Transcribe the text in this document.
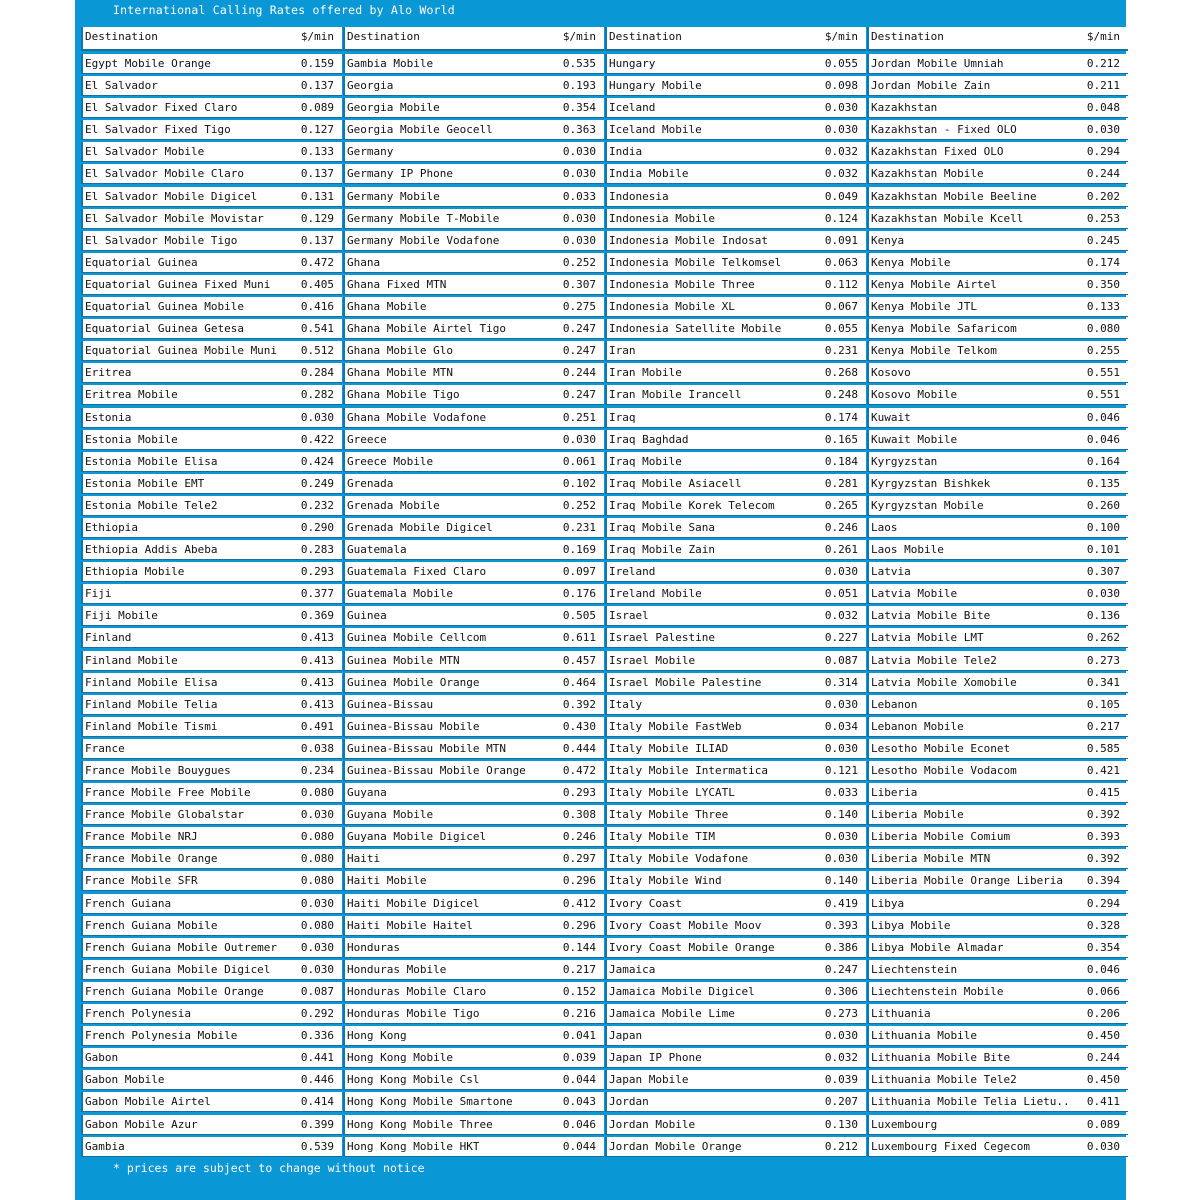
International Calling Rates offered by Alo World
Destination	$/min
Egypt Mobile Orange	0.159
El Salvador	0.137
El Salvador Fixed Claro	0.089
El Salvador Fixed Tigo	0.127
El Salvador Mobile	0.133
El Salvador Mobile Claro	0.137
El Salvador Mobile Digicel	0.131
El Salvador Mobile Movistar	0.129
El Salvador Mobile Tigo	0.137
Equatorial Guinea	0.472
Equatorial Guinea Fixed Muni	0.405
Equatorial Guinea Mobile	0.416
Equatorial Guinea Getesa	0.541
Equatorial Guinea Mobile Muni	0.512
Eritrea	0.284
Eritrea Mobile	0.282
Estonia	0.030
Estonia Mobile	0.422
Estonia Mobile Elisa	0.424
Estonia Mobile EMT	0.249
Estonia Mobile Tele2	0.232
Ethiopia	0.290
Ethiopia Addis Abeba	0.283
Ethiopia Mobile	0.293
Fiji	0.377
Fiji Mobile	0.369
Finland	0.413
Finland Mobile	0.413
Finland Mobile Elisa	0.413
Finland Mobile Telia	0.413
Finland Mobile Tismi	0.491
France	0.038
France Mobile Bouygues	0.234
France Mobile Free Mobile	0.080
France Mobile Globalstar	0.030
France Mobile NRJ	0.080
France Mobile Orange	0.080
France Mobile SFR	0.080
French Guiana	0.030
French Guiana Mobile	0.080
French Guiana Mobile Outremer	0.030
French Guiana Mobile Digicel	0.030
French Guiana Mobile Orange	0.087
French Polynesia	0.292
French Polynesia Mobile	0.336
Gabon	0.441
Gabon Mobile	0.446
Gabon Mobile Airtel	0.414
Gabon Mobile Azur	0.399
Gambia	0.539
Destination	$/min
Gambia Mobile	0.535
Georgia	0.193
Georgia Mobile	0.354
Georgia Mobile Geocell	0.363
Germany	0.030
Germany IP Phone	0.030
Germany Mobile	0.033
Germany Mobile T-Mobile	0.030
Germany Mobile Vodafone	0.030
Ghana	0.252
Ghana Fixed MTN	0.307
Ghana Mobile	0.275
Ghana Mobile Airtel Tigo	0.247
Ghana Mobile Glo	0.247
Ghana Mobile MTN	0.244
Ghana Mobile Tigo	0.247
Ghana Mobile Vodafone	0.251
Greece	0.030
Greece Mobile	0.061
Grenada	0.102
Grenada Mobile	0.252
Grenada Mobile Digicel	0.231
Guatemala	0.169
Guatemala Fixed Claro	0.097
Guatemala Mobile	0.176
Guinea	0.505
Guinea Mobile Cellcom	0.611
Guinea Mobile MTN	0.457
Guinea Mobile Orange	0.464
Guinea-Bissau	0.392
Guinea-Bissau Mobile	0.430
Guinea-Bissau Mobile MTN	0.444
Guinea-Bissau Mobile Orange	0.472
Guyana	0.293
Guyana Mobile	0.308
Guyana Mobile Digicel	0.246
Haiti	0.297
Haiti Mobile	0.296
Haiti Mobile Digicel	0.412
Haiti Mobile Haitel	0.296
Honduras	0.144
Honduras Mobile	0.217
Honduras Mobile Claro	0.152
Honduras Mobile Tigo	0.216
Hong Kong	0.041
Hong Kong Mobile	0.039
Hong Kong Mobile Csl	0.044
Hong Kong Mobile Smartone	0.043
Hong Kong Mobile Three	0.046
Hong Kong Mobile HKT	0.044
Destination	$/min
Hungary	0.055
Hungary Mobile	0.098
Iceland	0.030
Iceland Mobile	0.030
India	0.032
India Mobile	0.032
Indonesia	0.049
Indonesia Mobile	0.124
Indonesia Mobile Indosat	0.091
Indonesia Mobile Telkomsel	0.063
Indonesia Mobile Three	0.112
Indonesia Mobile XL	0.067
Indonesia Satellite Mobile	0.055
Iran	0.231
Iran Mobile	0.268
Iran Mobile Irancell	0.248
Iraq	0.174
Iraq Baghdad	0.165
Iraq Mobile	0.184
Iraq Mobile Asiacell	0.281
Iraq Mobile Korek Telecom	0.265
Iraq Mobile Sana	0.246
Iraq Mobile Zain	0.261
Ireland	0.030
Ireland Mobile	0.051
Israel	0.032
Israel Palestine	0.227
Israel Mobile	0.087
Israel Mobile Palestine	0.314
Italy	0.030
Italy Mobile FastWeb	0.034
Italy Mobile ILIAD	0.030
Italy Mobile Intermatica	0.121
Italy Mobile LYCATL	0.033
Italy Mobile Three	0.140
Italy Mobile TIM	0.030
Italy Mobile Vodafone	0.030
Italy Mobile Wind	0.140
Ivory Coast	0.419
Ivory Coast Mobile Moov	0.393
Ivory Coast Mobile Orange	0.386
Jamaica	0.247
Jamaica Mobile Digicel	0.306
Jamaica Mobile Lime	0.273
Japan	0.030
Japan IP Phone	0.032
Japan Mobile	0.039
Jordan	0.207
Jordan Mobile	0.130
Jordan Mobile Orange	0.212
Destination	$/min
Jordan Mobile Umniah	0.212
Jordan Mobile Zain	0.211
Kazakhstan	0.048
Kazakhstan - Fixed OLO	0.030
Kazakhstan Fixed OLO	0.294
Kazakhstan Mobile	0.244
Kazakhstan Mobile Beeline	0.202
Kazakhstan Mobile Kcell	0.253
Kenya	0.245
Kenya Mobile	0.174
Kenya Mobile Airtel	0.350
Kenya Mobile JTL	0.133
Kenya Mobile Safaricom	0.080
Kenya Mobile Telkom	0.255
Kosovo	0.551
Kosovo Mobile	0.551
Kuwait	0.046
Kuwait Mobile	0.046
Kyrgyzstan	0.164
Kyrgyzstan Bishkek	0.135
Kyrgyzstan Mobile	0.260
Laos	0.100
Laos Mobile	0.101
Latvia	0.307
Latvia Mobile	0.030
Latvia Mobile Bite	0.136
Latvia Mobile LMT	0.262
Latvia Mobile Tele2	0.273
Latvia Mobile Xomobile	0.341
Lebanon	0.105
Lebanon Mobile	0.217
Lesotho Mobile Econet	0.585
Lesotho Mobile Vodacom	0.421
Liberia	0.415
Liberia Mobile	0.392
Liberia Mobile Comium	0.393
Liberia Mobile MTN	0.392
Liberia Mobile Orange Liberia	0.394
Libya	0.294
Libya Mobile	0.328
Libya Mobile Almadar	0.354
Liechtenstein	0.046
Liechtenstein Mobile	0.066
Lithuania	0.206
Lithuania Mobile	0.450
Lithuania Mobile Bite	0.244
Lithuania Mobile Tele2	0.450
Lithuania Mobile Telia Lietu..	0.411
Luxembourg	0.089
Luxembourg Fixed Cegecom	0.030
* prices are subject to change without notice
